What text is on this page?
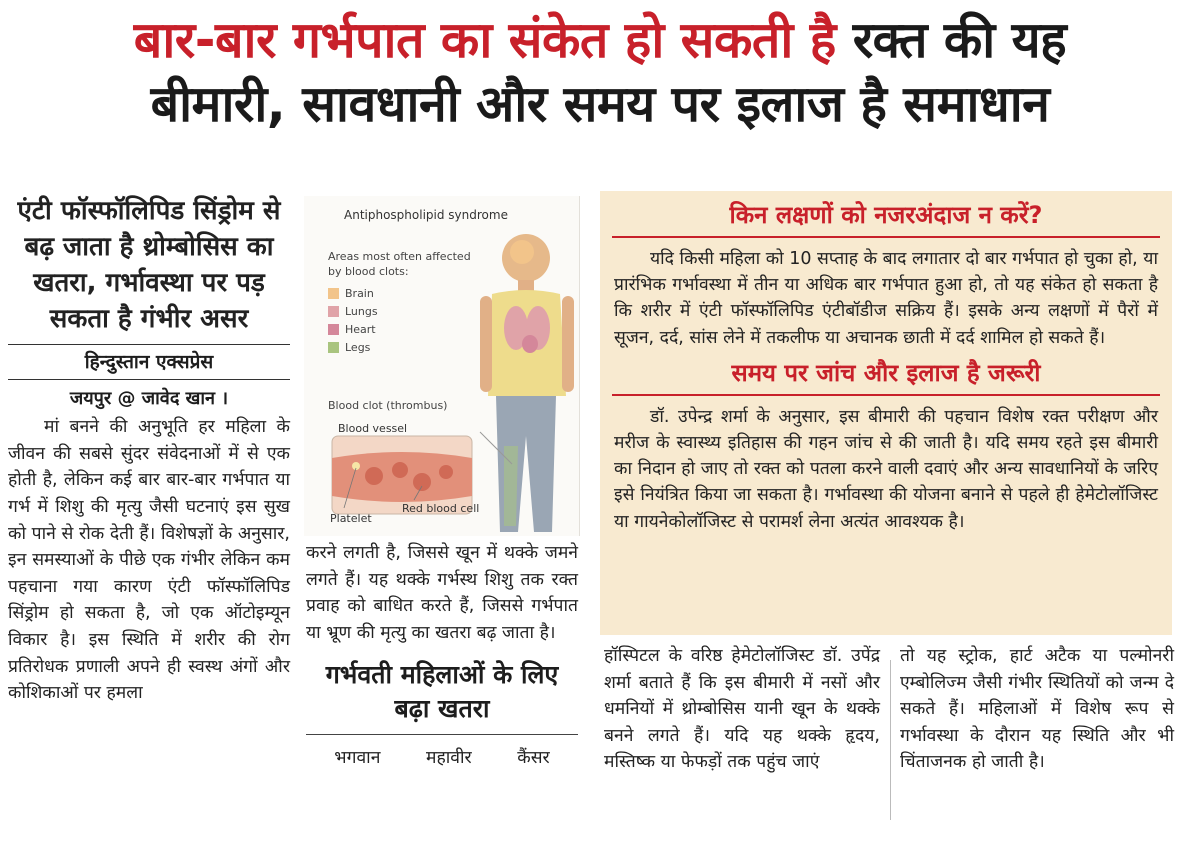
बार-बार गर्भपात का संकेत हो सकती है रक्त की यह
बीमारी, सावधानी और समय पर इलाज है समाधान
एंटी फॉस्फॉलिपिड सिंड्रोम से बढ़ जाता है थ्रोम्बोसिस का खतरा, गर्भावस्था पर पड़ सकता है गंभीर असर
हिन्दुस्तान एक्सप्रेस
जयपुर @ जावेद खान ।
मां बनने की अनुभूति हर महिला के जीवन की सबसे सुंदर संवेदनाओं में से एक होती है, लेकिन कई बार बार-बार गर्भपात या गर्भ में शिशु की मृत्यु जैसी घटनाएं इस सुख को पाने से रोक देती हैं। विशेषज्ञों के अनुसार, इन समस्याओं के पीछे एक गंभीर लेकिन कम पहचाना गया कारण एंटी फॉस्फॉलिपिड सिंड्रोम हो सकता है, जो एक ऑटोइम्यून विकार है। इस स्थिति में शरीर की रोग प्रतिरोधक प्रणाली अपने ही स्वस्थ अंगों और कोशिकाओं पर हमला
Antiphospholipid syndrome
Areas most often affected
by blood clots:
Brain
Lungs
Heart
Legs
Blood clot (thrombus)
Blood vessel
Platelet
Red blood cell
करने लगती है, जिससे खून में थक्के जमने लगते हैं। यह थक्के गर्भस्थ शिशु तक रक्त प्रवाह को बाधित करते हैं, जिससे गर्भपात या भ्रूण की मृत्यु का खतरा बढ़ जाता है।
गर्भवती महिलाओं के लिए बढ़ा खतरा
भगवान महावीर कैंसर
किन लक्षणों को नजरअंदाज न करें?
यदि किसी महिला को 10 सप्ताह के बाद लगातार दो बार गर्भपात हो चुका हो, या प्रारंभिक गर्भावस्था में तीन या अधिक बार गर्भपात हुआ हो, तो यह संकेत हो सकता है कि शरीर में एंटी फॉस्फॉलिपिड एंटीबॉडीज सक्रिय हैं। इसके अन्य लक्षणों में पैरों में सूजन, दर्द, सांस लेने में तकलीफ या अचानक छाती में दर्द शामिल हो सकते हैं।
समय पर जांच और इलाज है जरूरी
डॉ. उपेन्द्र शर्मा के अनुसार, इस बीमारी की पहचान विशेष रक्त परीक्षण और मरीज के स्वास्थ्य इतिहास की गहन जांच से की जाती है। यदि समय रहते इस बीमारी का निदान हो जाए तो रक्त को पतला करने वाली दवाएं और अन्य सावधानियों के जरिए इसे नियंत्रित किया जा सकता है। गर्भावस्था की योजना बनाने से पहले ही हेमेटोलॉजिस्ट या गायनेकोलॉजिस्ट से परामर्श लेना अत्यंत आवश्यक है।
हॉस्पिटल के वरिष्ठ हेमेटोलॉजिस्ट डॉ. उपेंद्र शर्मा बताते हैं कि इस बीमारी में नसों और धमनियों में थ्रोम्बोसिस यानी खून के थक्के बनने लगते हैं। यदि यह थक्के हृदय, मस्तिष्क या फेफड़ों तक पहुंच जाएं
तो यह स्ट्रोक, हार्ट अटैक या पल्मोनरी एम्बोलिज्म जैसी गंभीर स्थितियों को जन्म दे सकते हैं। महिलाओं में विशेष रूप से गर्भावस्था के दौरान यह स्थिति और भी चिंताजनक हो जाती है।
